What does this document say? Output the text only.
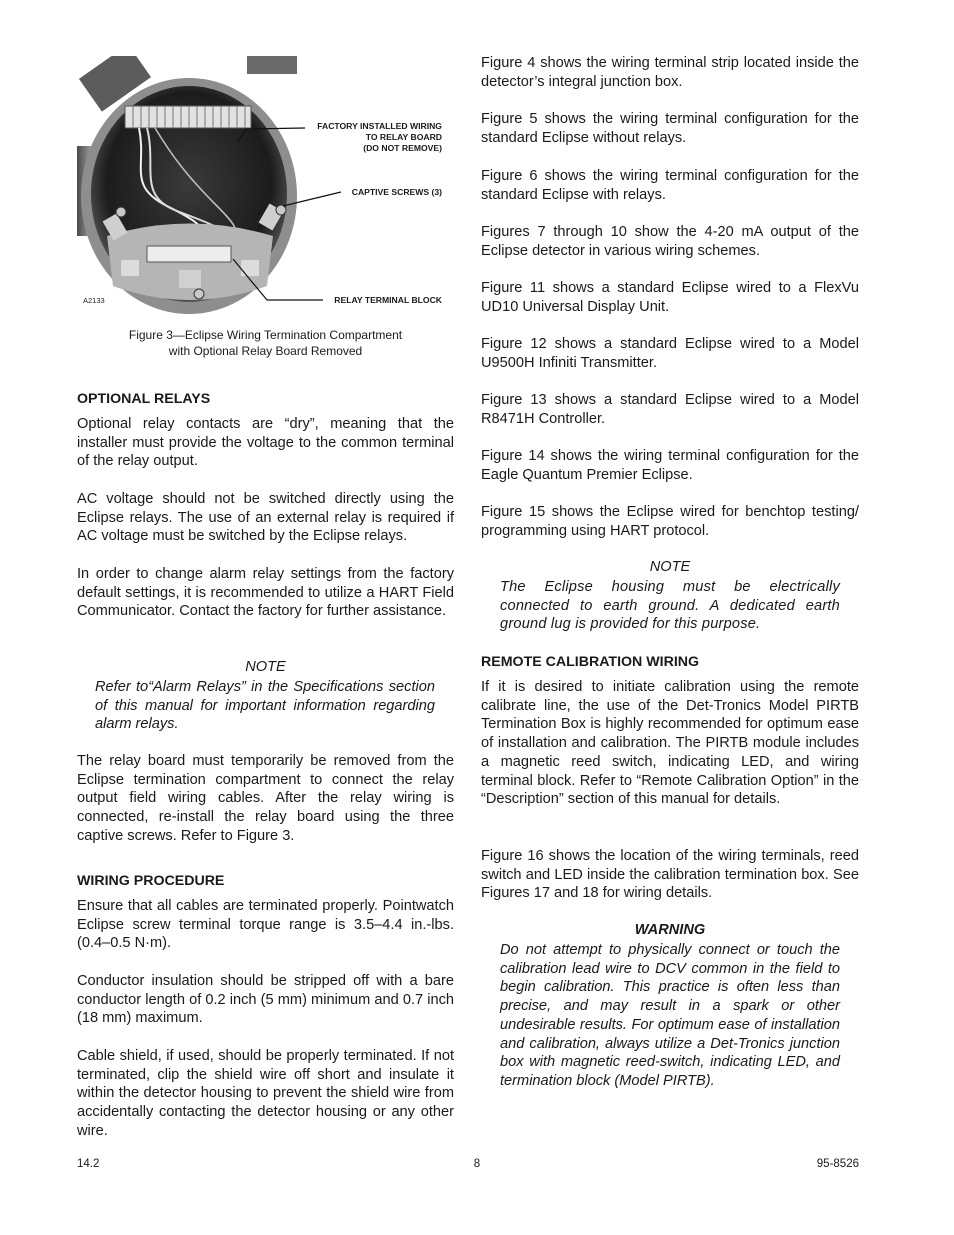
FACTORY INSTALLED WIRING
TO RELAY BOARD
(DO NOT REMOVE)
CAPTIVE SCREWS (3)
RELAY TERMINAL BLOCK
A2133
Figure 3—Eclipse Wiring Termination Compartment
with Optional Relay Board Removed
OPTIONAL RELAYS

Optional relay contacts are “dry”, meaning that the installer must provide the voltage to the common terminal of the relay output.

AC voltage should not be switched directly using the Eclipse relays. The use of an external relay is required if AC voltage must be switched by the Eclipse relays.

In order to change alarm relay settings from the factory default settings, it is recommended to utilize a HART Field Communicator. Contact the factory for further assistance.

NOTE

Refer to“Alarm Relays” in the Specifications section of this manual for important information regarding alarm relays.

The relay board must temporarily be removed from the Eclipse termination compartment to connect the relay output field wiring cables. After the relay wiring is connected, re-install the relay board using the three captive screws. Refer to Figure 3.

WIRING PROCEDURE

Ensure that all cables are terminated properly. Pointwatch Eclipse screw terminal torque range is 3.5–4.4 in.-lbs. (0.4–0.5 N·m).

Conductor insulation should be stripped off with a bare conductor length of 0.2 inch (5 mm) minimum and 0.7 inch (18 mm) maximum.

Cable shield, if used, should be properly terminated. If not terminated, clip the shield wire off short and insulate it within the detector housing to prevent the shield wire from accidentally contacting the detector housing or any other wire.

Figure 4 shows the wiring terminal strip located inside the detector’s integral junction box.

Figure 5 shows the wiring terminal configuration for the standard Eclipse without relays.

Figure 6 shows the wiring terminal configuration for the standard Eclipse with relays.

Figures 7 through 10 show the 4-20 mA output of the Eclipse detector in various wiring schemes.

Figure 11 shows a standard Eclipse wired to a FlexVu UD10 Universal Display Unit.

Figure 12 shows a standard Eclipse wired to a Model U9500H Infiniti Transmitter.

Figure 13 shows a standard Eclipse wired to a Model R8471H Controller.

Figure 14 shows the wiring terminal configuration for the Eagle Quantum Premier Eclipse.

Figure 15 shows the Eclipse wired for benchtop testing/ programming using HART protocol.

NOTE

The Eclipse housing must be electrically connected to earth ground. A dedicated earth ground lug is provided for this purpose.

REMOTE CALIBRATION WIRING

If it is desired to initiate calibration using the remote calibrate line, the use of the Det-Tronics Model PIRTB Termination Box is highly recommended for optimum ease of installation and calibration. The PIRTB module includes a magnetic reed switch, indicating LED, and wiring terminal block. Refer to “Remote Calibration Option” in the “Description” section of this manual for details.

Figure 16 shows the location of the wiring terminals, reed switch and LED inside the calibration termination box. See Figures 17 and 18 for wiring details.

WARNING

Do not attempt to physically connect or touch the calibration lead wire to DCV common in the field to begin calibration. This practice is often less than precise, and may result in a spark or other undesirable results. For optimum ease of installation and calibration, always utilize a Det-Tronics junction box with magnetic reed-switch, indicating LED, and termination block (Model PIRTB).

14.2	8	95-8526
